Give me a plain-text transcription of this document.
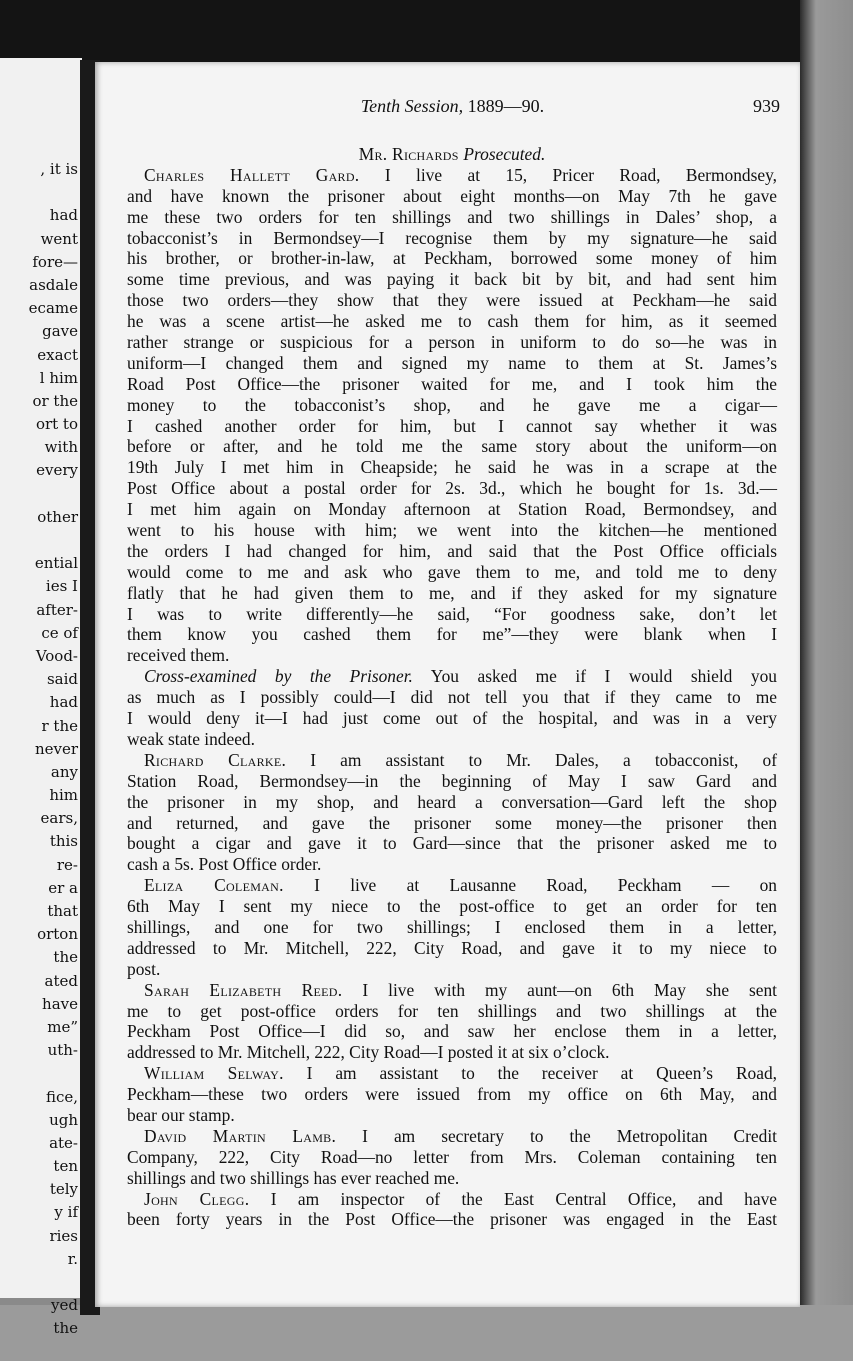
, it is
had
went
fore—
asdale
ecame
gave
exact
l him
or the
ort to
with
every
other
ential
ies I
after-
ce of
Vood-
said
had
r the
never
any
him
ears,
this
re-
er a
that
orton
the
ated
have
me”
uth-
fice,
ugh
ate-
ten
tely
y if
ries
r.
yed
the
Tenth Session, 1889—90.	939
Mr. Richards Prosecuted.
Charles Hallett Gard. I live at 15, Pricer Road, Bermondsey,
and have known the prisoner about eight months—on May 7th he gave
me these two orders for ten shillings and two shillings in Dales’ shop, a
tobacconist’s in Bermondsey—I recognise them by my signature—he said
his brother, or brother-in-law, at Peckham, borrowed some money of him
some time previous, and was paying it back bit by bit, and had sent him
those two orders—they show that they were issued at Peckham—he said
he was a scene artist—he asked me to cash them for him, as it seemed
rather strange or suspicious for a person in uniform to do so—he was in
uniform—I changed them and signed my name to them at St. James’s
Road Post Office—the prisoner waited for me, and I took him the
money to the tobacconist’s shop, and he gave me a cigar—
I cashed another order for him, but I cannot say whether it was
before or after, and he told me the same story about the uniform—on
19th July I met him in Cheapside; he said he was in a scrape at the
Post Office about a postal order for 2s. 3d., which he bought for 1s. 3d.—
I met him again on Monday afternoon at Station Road, Bermondsey, and
went to his house with him; we went into the kitchen—he mentioned
the orders I had changed for him, and said that the Post Office officials
would come to me and ask who gave them to me, and told me to deny
flatly that he had given them to me, and if they asked for my signature
I was to write differently—he said, “For goodness sake, don’t let
them know you cashed them for me”—they were blank when I
received them.
Cross-examined by the Prisoner. You asked me if I would shield you
as much as I possibly could—I did not tell you that if they came to me
I would deny it—I had just come out of the hospital, and was in a very
weak state indeed.
Richard Clarke. I am assistant to Mr. Dales, a tobacconist, of
Station Road, Bermondsey—in the beginning of May I saw Gard and
the prisoner in my shop, and heard a conversation—Gard left the shop
and returned, and gave the prisoner some money—the prisoner then
bought a cigar and gave it to Gard—since that the prisoner asked me to
cash a 5s. Post Office order.
Eliza Coleman. I live at Lausanne Road, Peckham — on
6th May I sent my niece to the post-office to get an order for ten
shillings, and one for two shillings; I enclosed them in a letter,
addressed to Mr. Mitchell, 222, City Road, and gave it to my niece to
post.
Sarah Elizabeth Reed. I live with my aunt—on 6th May she sent
me to get post-office orders for ten shillings and two shillings at the
Peckham Post Office—I did so, and saw her enclose them in a letter,
addressed to Mr. Mitchell, 222, City Road—I posted it at six o’clock.
William Selway. I am assistant to the receiver at Queen’s Road,
Peckham—these two orders were issued from my office on 6th May, and
bear our stamp.
David Martin Lamb. I am secretary to the Metropolitan Credit
Company, 222, City Road—no letter from Mrs. Coleman containing ten
shillings and two shillings has ever reached me.
John Clegg. I am inspector of the East Central Office, and have
been forty years in the Post Office—the prisoner was engaged in the East
